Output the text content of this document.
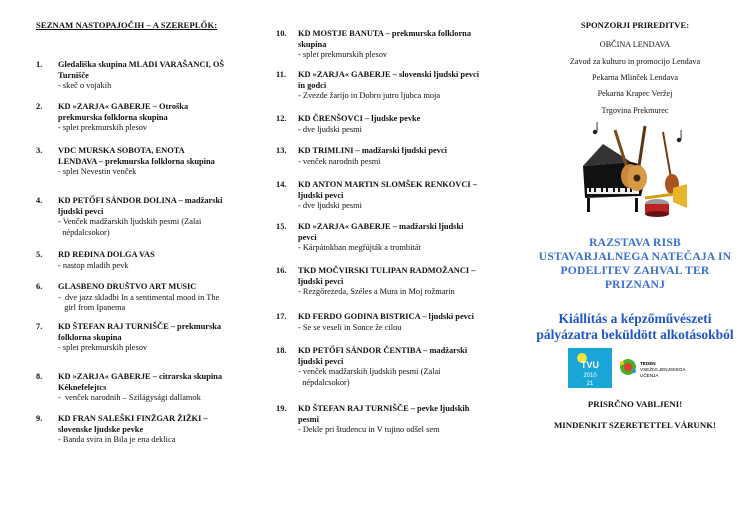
SEZNAM NASTOPAJOČIH – A SZEREPLŐK:
1. Gledališka skupina MLADI VARAŠANCI, OŠ
Turnišče
- skeč o vojakih
2. KD »ZARJA« GABERJE – Otroška
prekmurska folklorna skupina
- splet prekmurskih plesov
3. VDC MURSKA SOBOTA, ENOTA
LENDAVA – prekmurska folklorna skupina
- splet Nevestin venček
4. KD PETŐFI SÁNDOR DOLINA – madžarski
ljudski pevci
- Venček madžarskih ljudskih pesmi (Zalai
népdalcsokor)
5. RD REĐINA DOLGA VAS
- nastop mladih pevk
6. GLASBENO DRUŠTVO ART MUSIC
-  dve jazz skladbi In a sentimental mood in The
girl from Ipanema
7. KD ŠTEFAN RAJ TURNIŠČE – prekmurska
folklorna skupina
- splet prekmurskih plesov
8. KD »ZARJA« GABERJE – citrarska skupina
Kéknefelejtcs
-  venček narodnih – Szilágysági dallamok
9. KD FRAN SALEŠKI FINŽGAR ŽIŽKI –
slovenske ljudske pevke
- Banda svira in Bila je ena deklica
10. KD MOSTJE BANUTA – prekmurska folklorna
skupina
- splet prekmurskih plesov
11. KD »ZARJA« GABERJE – slovenski ljudski pevci
in godci
- Zvezde žarijo in Dobro jutro ljubca moja
12. KD ČRENŠOVCI – ljudske pevke
- dve ljudski pesmi
13. KD TRIMLINI – madžarski ljudski pevci
- venček narodnih pesmi
14. KD ANTON MARTIN SLOMŠEK RENKOVCI –
ljudski pevci
- dve ljudski pesmi
15. KD »ZARJA« GABERJE – madžarski ljudski
pevci
- Kárpátokban megfújták a trombitát
16. TKD MOČVIRSKI TULIPAN RADMOŽANCI –
ljudski pevci
- Rezgőrezeda, Széles a Mura in Moj rožmarin
17. KD FERDO GODINA BISTRICA – ljudski pevci
- Se se veseli in Sonce že cilou
18. KD PETŐFI SÁNDOR ČENTIBA – madžarski
ljudski pevci
- venček madžarskih ljudskih pesmi (Zalai
népdalcsokor)
19. KD ŠTEFAN RAJ TURNIŠČE – pevke ljudskih
pesmi
- Dekle pri študencu in V tujino odšel sem
SPONZORJI PRIREDITVE:
OBČINA LENDAVA
Zavod za kulturo in promocijo Lendava
Pekarna Mlinček Lendava
Pekarna Krapec Veržej
Trgovina Prekmurec
RAZSTAVA RISB
USTAVARJALNEGA NATEČAJA IN
PODELITEV ZAHVAL TER
PRIZNANJ
Kiállítás a képzőművészeti
pályázatra beküldött alkotásokból
PRISRČNO VABLJENI!
MINDENKIT SZERETETTEL VÁRUNK!
TVU
2010
21
TEDEN
VSEŽIVLJENJSKEGA
UČENJA
